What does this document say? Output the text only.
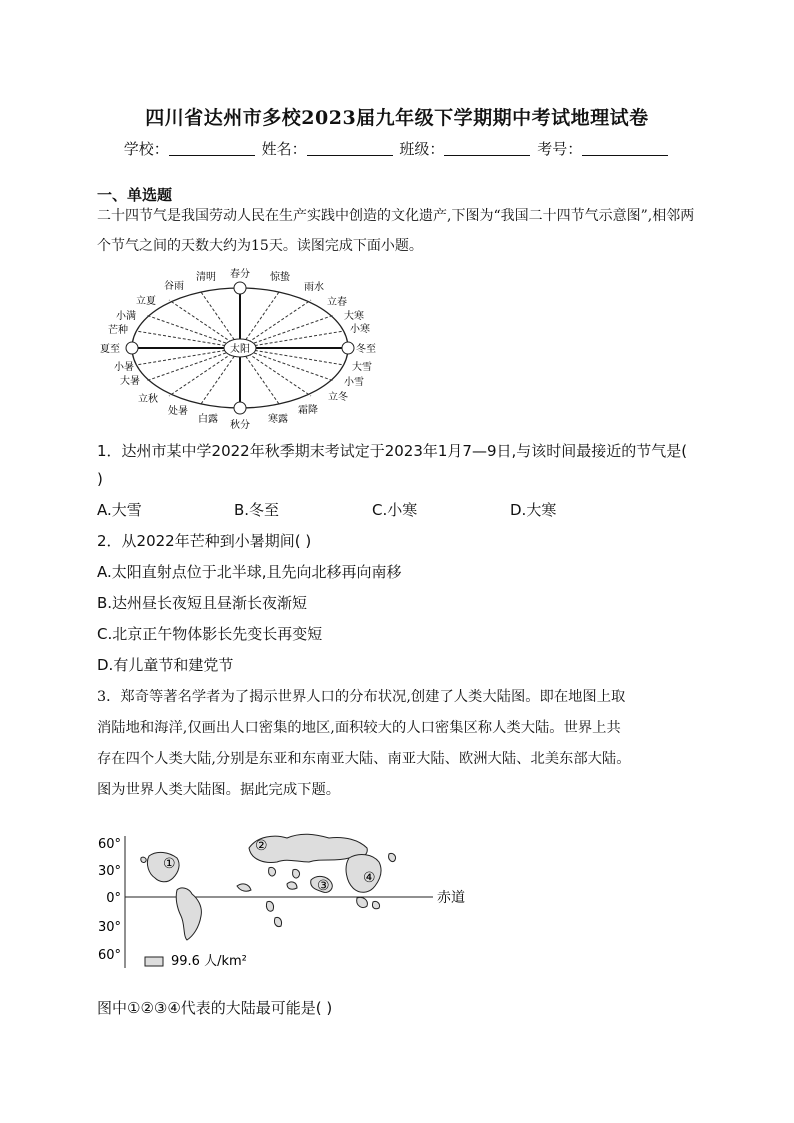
四川省达州市多校2023届九年级下学期期中考试地理试卷
学校：	姓名：	班级：	考号：
一、单选题
二十四节气是我国劳动人民在生产实践中创造的文化遗产,下图为“我国二十四节气示意图”,相邻两个节气之间的天数大约为15天。读图完成下面小题。
太阳
春分
秋分
夏至	冬至
惊蛰
雨水
立春
大寒
小寒
大雪
小雪
立冬
霜降
寒露
白露
处暑
立秋
大暑
小暑
芒种
小满
立夏
谷雨
清明
1．达州市某中学2022年秋季期末考试定于2023年1月7—9日,与该时间最接近的节气是(
)
A.大雪	B.冬至	C.小寒	D.大寒
2．从2022年芒种到小暑期间( )
A.太阳直射点位于北半球,且先向北移再向南移
B.达州昼长夜短且昼渐长夜渐短
C.北京正午物体影长先变长再变短
D.有儿童节和建党节
3．郑奇等著名学者为了揭示世界人口的分布状况,创建了人类大陆图。即在地图上取
消陆地和海洋,仅画出人口密集的地区,面积较大的人口密集区称人类大陆。世界上共
存在四个人类大陆,分别是东亚和东南亚大陆、南亚大陆、欧洲大陆、北美东部大陆。
图为世界人类大陆图。据此完成下题。
60°
30°
0°
30°
60°
赤道
①
②
③ ④
99.6 人/km²
图中①②③④代表的大陆最可能是( )
